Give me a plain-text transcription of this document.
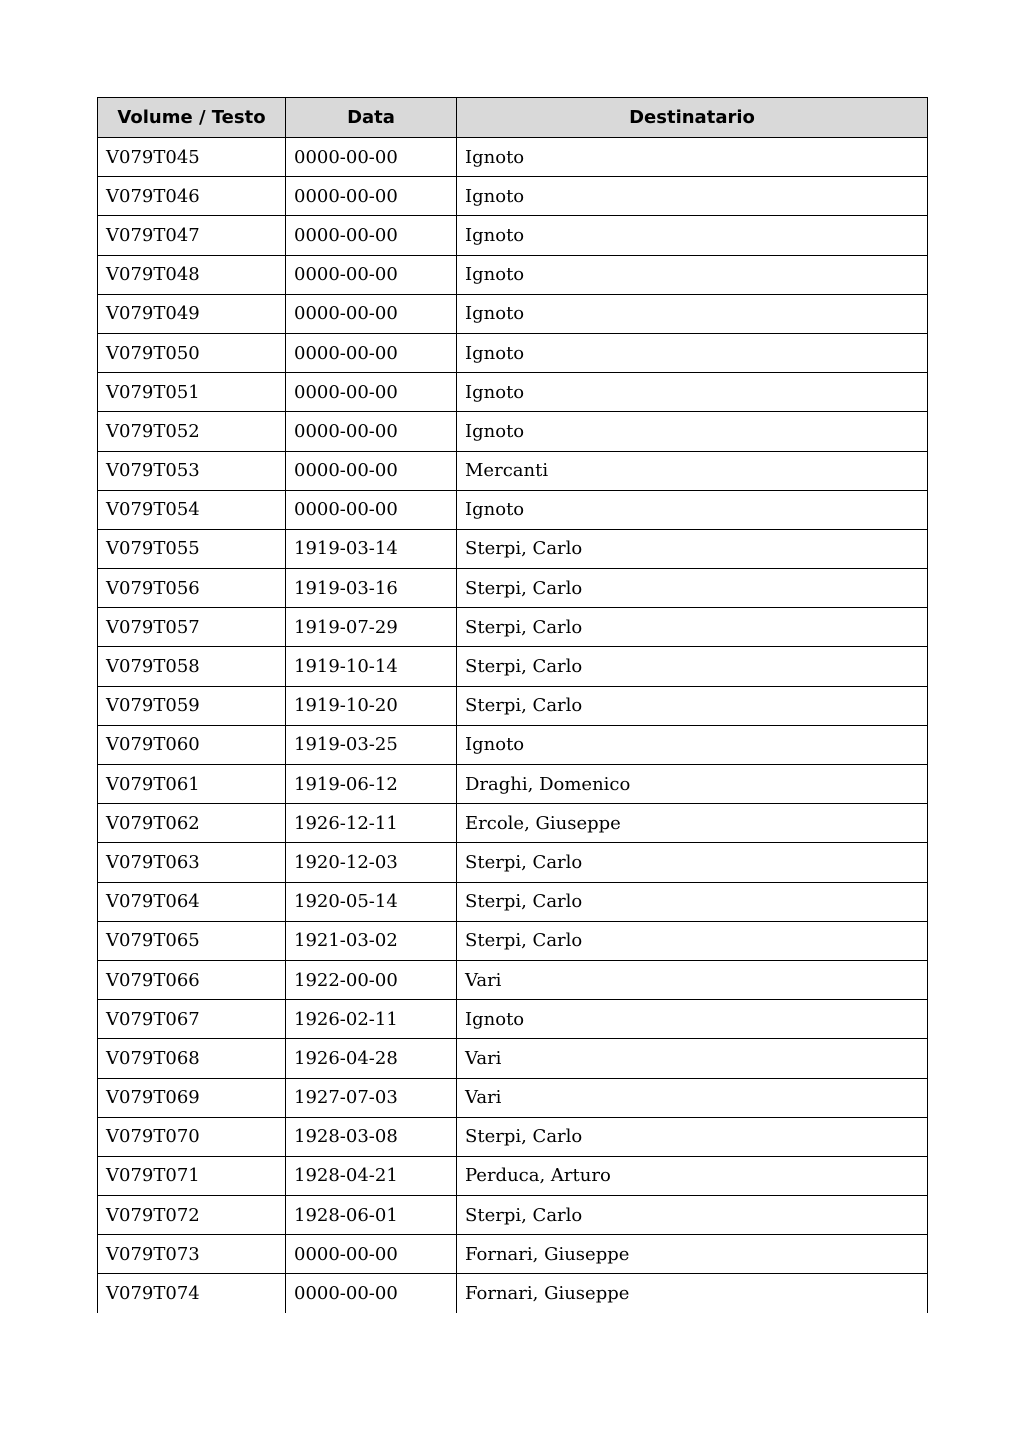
Volume / Testo	Data	Destinatario
V079T045	0000-00-00	Ignoto
V079T046	0000-00-00	Ignoto
V079T047	0000-00-00	Ignoto
V079T048	0000-00-00	Ignoto
V079T049	0000-00-00	Ignoto
V079T050	0000-00-00	Ignoto
V079T051	0000-00-00	Ignoto
V079T052	0000-00-00	Ignoto
V079T053	0000-00-00	Mercanti
V079T054	0000-00-00	Ignoto
V079T055	1919-03-14	Sterpi, Carlo
V079T056	1919-03-16	Sterpi, Carlo
V079T057	1919-07-29	Sterpi, Carlo
V079T058	1919-10-14	Sterpi, Carlo
V079T059	1919-10-20	Sterpi, Carlo
V079T060	1919-03-25	Ignoto
V079T061	1919-06-12	Draghi, Domenico
V079T062	1926-12-11	Ercole, Giuseppe
V079T063	1920-12-03	Sterpi, Carlo
V079T064	1920-05-14	Sterpi, Carlo
V079T065	1921-03-02	Sterpi, Carlo
V079T066	1922-00-00	Vari
V079T067	1926-02-11	Ignoto
V079T068	1926-04-28	Vari
V079T069	1927-07-03	Vari
V079T070	1928-03-08	Sterpi, Carlo
V079T071	1928-04-21	Perduca, Arturo
V079T072	1928-06-01	Sterpi, Carlo
V079T073	0000-00-00	Fornari, Giuseppe
V079T074	0000-00-00	Fornari, Giuseppe
